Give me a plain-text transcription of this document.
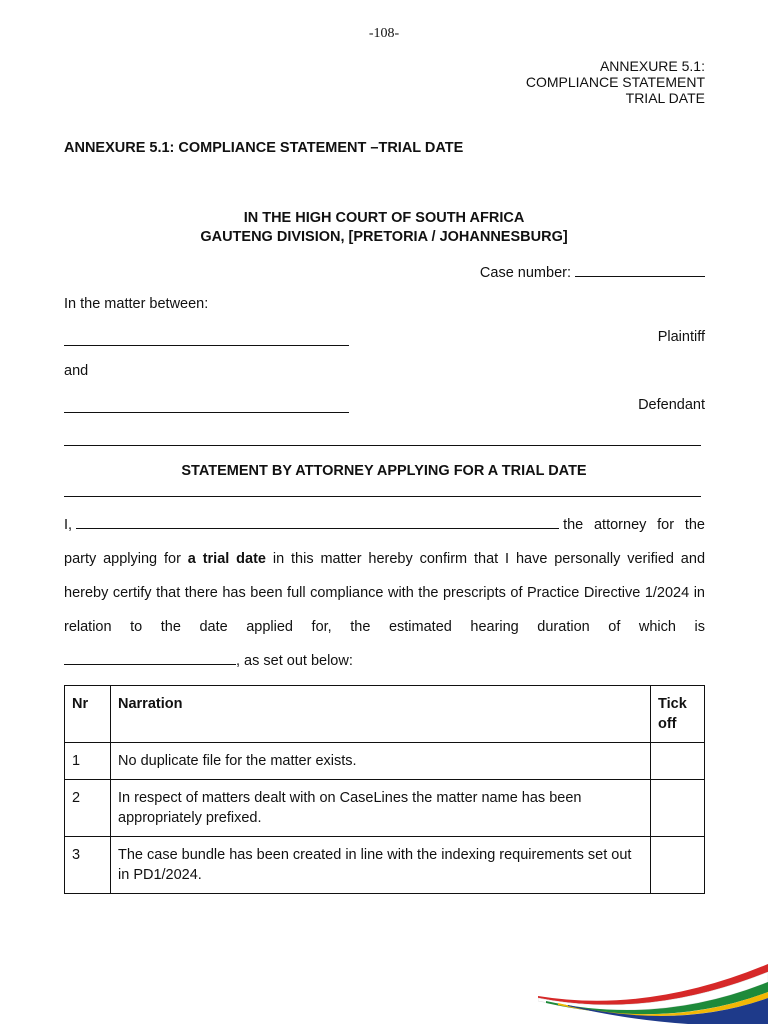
-108-
ANNEXURE 5.1:
COMPLIANCE STATEMENT
TRIAL DATE
ANNEXURE 5.1: COMPLIANCE STATEMENT –TRIAL DATE
IN THE HIGH COURT OF SOUTH AFRICA
GAUTENG DIVISION, [PRETORIA / JOHANNESBURG]
Case number:
In the matter between:
Plaintiff
and
Defendant
STATEMENT BY ATTORNEY APPLYING FOR A TRIAL DATE
I,	the attorney for the party applying for a trial date in this matter hereby confirm that I have personally verified and hereby certify that there has been full compliance with the prescripts of Practice Directive 1/2024 in relation to the date applied for, the estimated hearing duration of which is , as set out below:
Nr	Narration	Tick off
1	No duplicate file for the matter exists.	
2	In respect of matters dealt with on CaseLines the matter name has been appropriately prefixed.	
3	The case bundle has been created in line with the indexing requirements set out in PD1/2024.	
